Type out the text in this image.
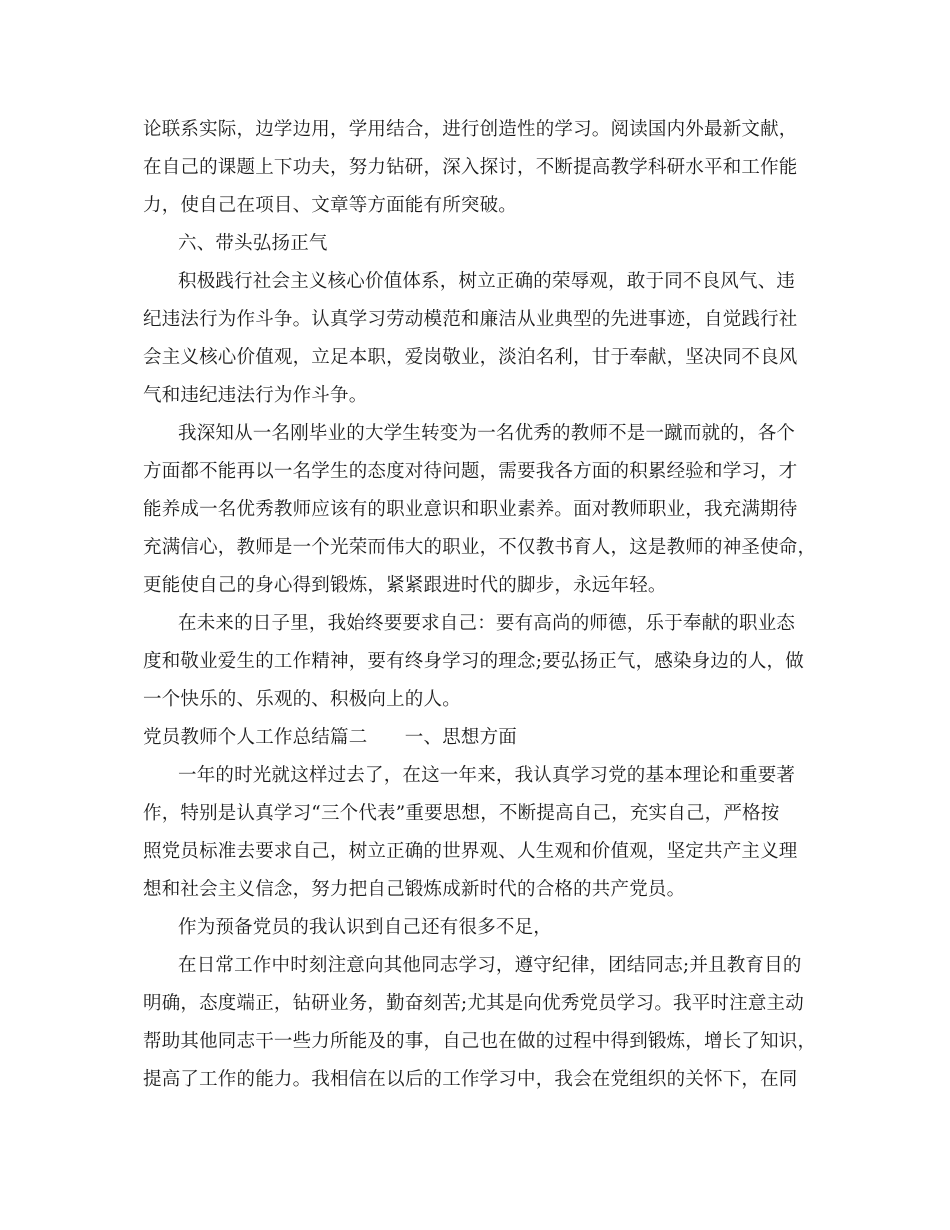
论联系实际，边学边用，学用结合，进行创造性的学习。阅读国内外最新文献，
在自己的课题上下功夫，努力钻研，深入探讨，不断提高教学科研水平和工作能
力，使自己在项目、文章等方面能有所突破。
六、带头弘扬正气
积极践行社会主义核心价值体系，树立正确的荣辱观，敢于同不良风气、违
纪违法行为作斗争。认真学习劳动模范和廉洁从业典型的先进事迹，自觉践行社
会主义核心价值观，立足本职，爱岗敬业，淡泊名利，甘于奉献，坚决同不良风
气和违纪违法行为作斗争。
我深知从一名刚毕业的大学生转变为一名优秀的教师不是一蹴而就的，各个
方面都不能再以一名学生的态度对待问题，需要我各方面的积累经验和学习，才
能养成一名优秀教师应该有的职业意识和职业素养。面对教师职业，我充满期待
充满信心，教师是一个光荣而伟大的职业，不仅教书育人，这是教师的神圣使命，
更能使自己的身心得到锻炼，紧紧跟进时代的脚步，永远年轻。
在未来的日子里，我始终要要求自己：要有高尚的师德，乐于奉献的职业态
度和敬业爱生的工作精神，要有终身学习的理念;要弘扬正气，感染身边的人，做
一个快乐的、乐观的、积极向上的人。
党员教师个人工作总结篇二　　一、思想方面
一年的时光就这样过去了，在这一年来，我认真学习党的基本理论和重要著
作，特别是认真学习“三个代表”重要思想，不断提高自己，充实自己，严格按
照党员标准去要求自己，树立正确的世界观、人生观和价值观，坚定共产主义理
想和社会主义信念，努力把自己锻炼成新时代的合格的共产党员。
作为预备党员的我认识到自己还有很多不足，
在日常工作中时刻注意向其他同志学习，遵守纪律，团结同志;并且教育目的
明确，态度端正，钻研业务，勤奋刻苦;尤其是向优秀党员学习。我平时注意主动
帮助其他同志干一些力所能及的事，自己也在做的过程中得到锻炼，增长了知识，
提高了工作的能力。我相信在以后的工作学习中，我会在党组织的关怀下，在同
